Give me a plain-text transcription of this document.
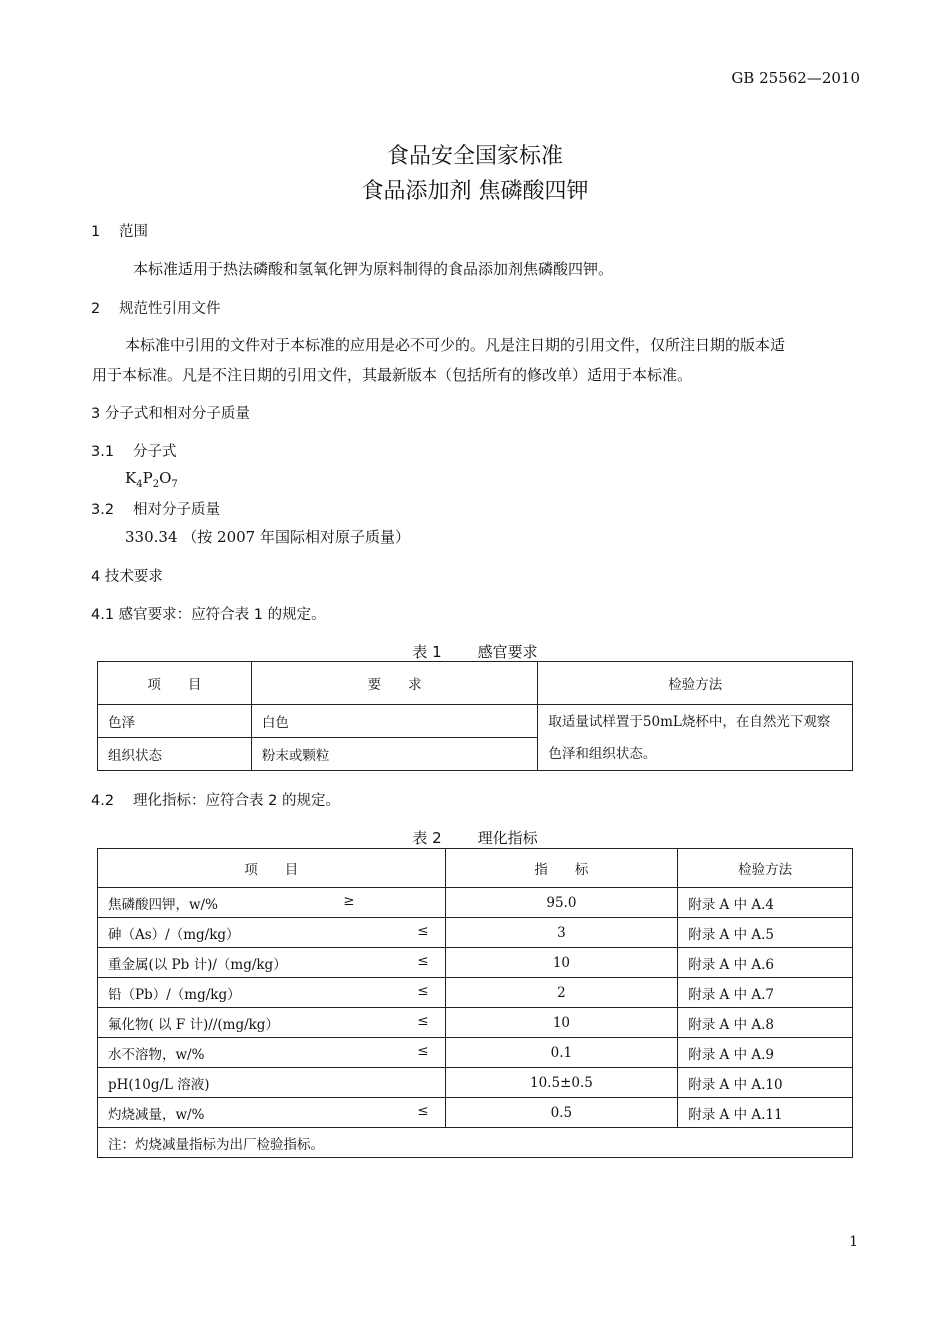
GB 25562—2010
食品安全国家标准
食品添加剂 焦磷酸四钾
1 范围
本标准适用于热法磷酸和氢氧化钾为原料制得的食品添加剂焦磷酸四钾。
2 规范性引用文件
本标准中引用的文件对于本标准的应用是必不可少的。凡是注日期的引用文件，仅所注日期的版本适
用于本标准。凡是不注日期的引用文件，其最新版本（包括所有的修改单）适用于本标准。
3 分子式和相对分子质量
3.1 分子式
$K_4P_2O_7$
3.2 相对分子质量
330.34 （按 2007 年国际相对原子质量）
4 技术要求
4.1 感官要求：应符合表 1 的规定。
表 1 感官要求
项　　目	要　　求	检验方法
色泽	白色	取适量试样置于50mL烧杯中，在自然光下观察色泽和组织状态。
组织状态	粉末或颗粒	
4.2 理化指标：应符合表 2 的规定。
表 2 理化指标
项　　目	指　　标	检验方法

焦磷酸四钾，w/% ≥	95.0	附录 A 中 A.4

砷（As）/（mg/kg） ≤	3	附录 A 中 A.5

重金属(以 Pb 计)/（mg/kg） ≤	10	附录 A 中 A.6

铅（Pb）/（mg/kg） ≤	2	附录 A 中 A.7

氟化物( 以 F 计)//(mg/kg） ≤	10	附录 A 中 A.8

水不溶物，w/% ≤	0.1	附录 A 中 A.9

pH(10g/L 溶液)	10.5±0.5	附录 A 中 A.10

灼烧减量，w/% ≤	0.5	附录 A 中 A.11
注：灼烧减量指标为出厂检验指标。		
1
